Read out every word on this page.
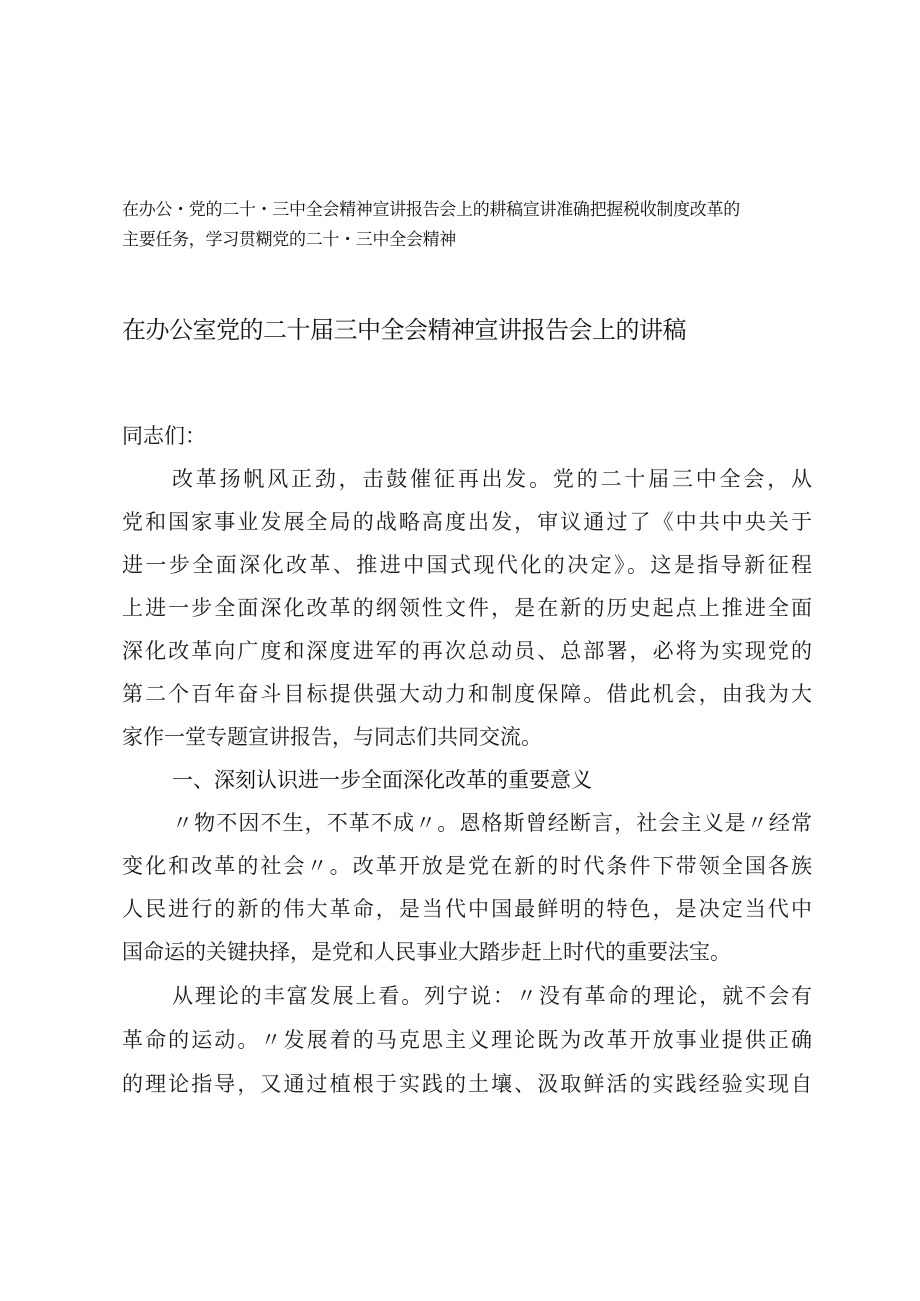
在办公・党的二十・三中全会精神宣讲报告会上的耕稿宣讲准确把握税收制度改革的
主要任务，学习贯糊党的二十・三中全会精神
在办公室党的二十届三中全会精神宣讲报告会上的讲稿
同志们：
改革扬帆风正劲，击鼓催征再出发。党的二十届三中全会，从
党和国家事业发展全局的战略高度出发，审议通过了《中共中央关于
进一步全面深化改革、推进中国式现代化的决定》。这是指导新征程
上进一步全面深化改革的纲领性文件，是在新的历史起点上推进全面
深化改革向广度和深度进军的再次总动员、总部署，必将为实现党的
第二个百年奋斗目标提供强大动力和制度保障。借此机会，由我为大
家作一堂专题宣讲报告，与同志们共同交流。
一、深刻认识进一步全面深化改革的重要意义
〃物不因不生，不革不成〃。恩格斯曾经断言，社会主义是〃经常
变化和改革的社会〃。改革开放是党在新的时代条件下带领全国各族
人民进行的新的伟大革命，是当代中国最鲜明的特色，是决定当代中
国命运的关键抉择，是党和人民事业大踏步赶上时代的重要法宝。
从理论的丰富发展上看。列宁说：〃没有革命的理论，就不会有
革命的运动。〃发展着的马克思主义理论既为改革开放事业提供正确
的理论指导，又通过植根于实践的土壤、汲取鲜活的实践经验实现自
